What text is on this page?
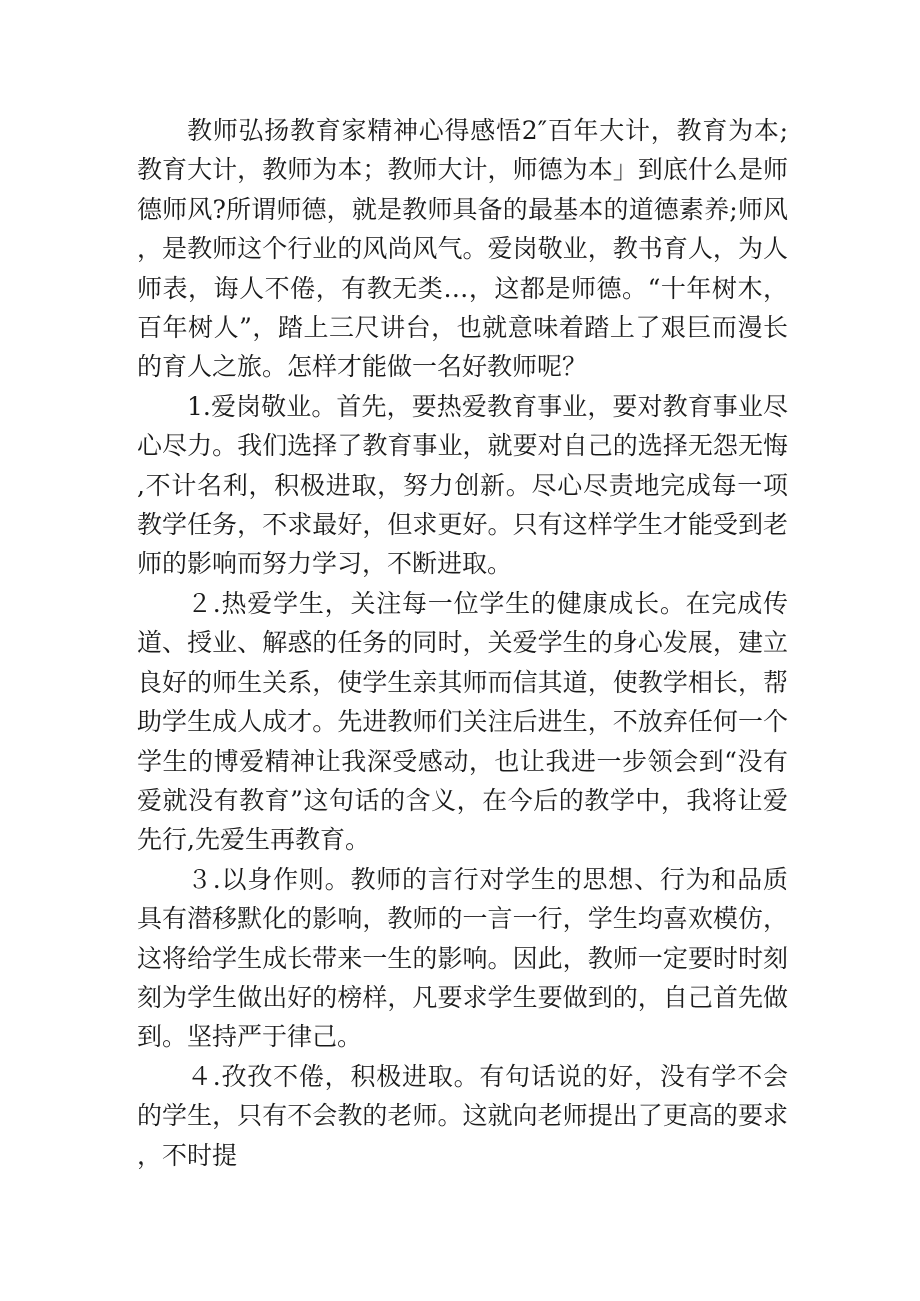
教师弘扬教育家精神心得感悟2″百年大计，教育为本;教育大计，教师为本；教师大计，师德为本」到底什么是师德师风?所谓师德，就是教师具备的最基本的道德素养;师风，是教师这个行业的风尚风气。爱岗敬业，教书育人，为人师表，诲人不倦，有教无类…，这都是师德。“十年树木，百年树人”，踏上三尺讲台，也就意味着踏上了艰巨而漫长的育人之旅。怎样才能做一名好教师呢？

1.爱岗敬业。首先，要热爱教育事业，要对教育事业尽心尽力。我们选择了教育事业，就要对自己的选择无怨无悔,不计名利，积极进取，努力创新。尽心尽责地完成每一项教学任务，不求最好，但求更好。只有这样学生才能受到老师的影响而努力学习，不断进取。

２.热爱学生，关注每一位学生的健康成长。在完成传道、授业、解惑的任务的同时，关爱学生的身心发展，建立良好的师生关系，使学生亲其师而信其道，使教学相长，帮助学生成人成才。先进教师们关注后进生，不放弃任何一个学生的博爱精神让我深受感动，也让我进一步领会到“没有爱就没有教育”这句话的含义，在今后的教学中，我将让爱先行,先爱生再教育。

３.以身作则。教师的言行对学生的思想、行为和品质具有潜移默化的影响，教师的一言一行，学生均喜欢模仿，这将给学生成长带来一生的影响。因此，教师一定要时时刻刻为学生做出好的榜样，凡要求学生要做到的，自己首先做到。坚持严于律己。

４.孜孜不倦，积极进取。有句话说的好，没有学不会的学生，只有不会教的老师。这就向老师提出了更高的要求，不时提
